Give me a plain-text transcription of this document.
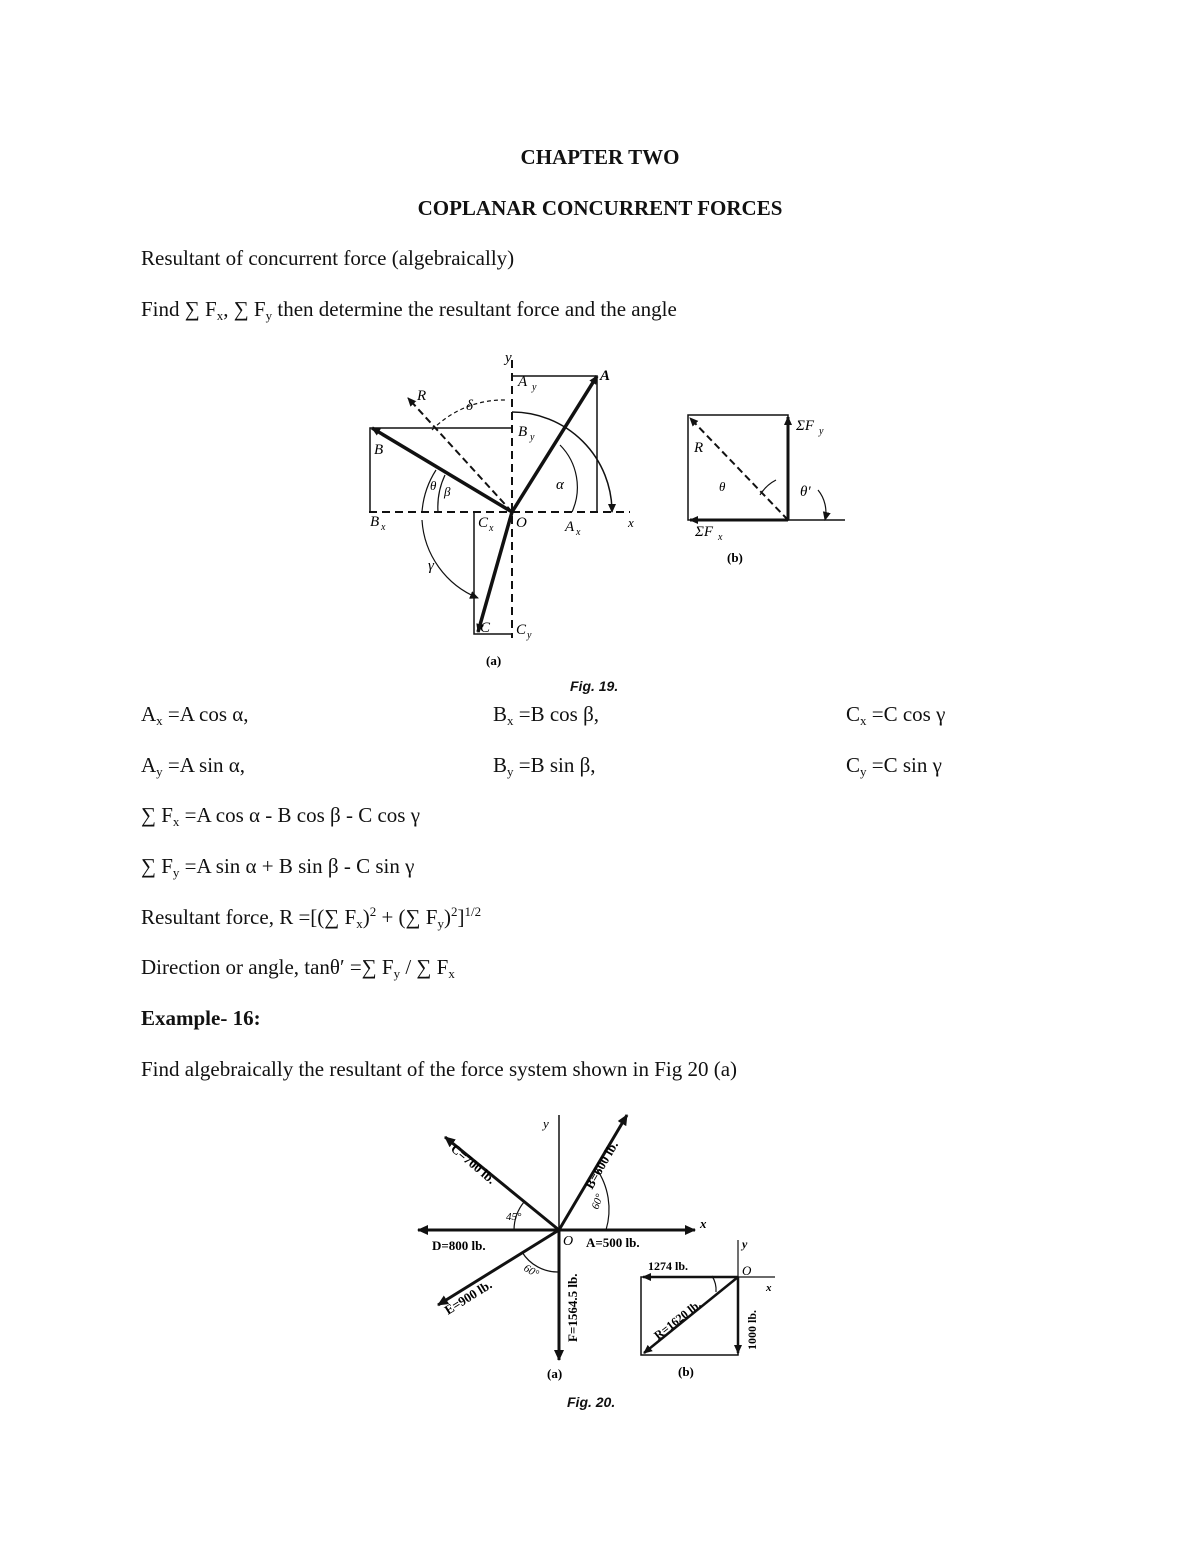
CHAPTER TWO
COPLANAR CONCURRENT FORCES
Resultant of concurrent force (algebraically)
Find ∑ $F_x$, ∑ $F_y$ then determine the resultant force and the angle
y
A
A y
R
δ
B y
B
α
θ β
x
B x	C x O	A x
γ
C C y
(a)
R
ΣF y
θ	θ′
ΣF x
(b)
Fig. 19.
$A_x =A$ cos α,	$B_x =B$ cos β,	$C_x =C$ cos γ
$A_y =A$ sin α,	$B_y =B$ sin β,	$C_y =C$ sin γ
∑ $F_x =A$ cos α - B cos β - C cos γ
∑ $F_y =A$ sin α + B sin β - C sin γ
Resultant force, R =[(∑ $F_x)^2$ + (∑ $F_y)^2]^{1/2}$
Direction or angle, tanθ′ =∑ $F_y$ / ∑ $F_x$
Example- 16:
Find algebraically the resultant of the force system shown in Fig 20 (a)
y
x
O A=500 lb.
D=800 lb.
45°
60°
60°
C=700 lb.	B=600 lb.
E=900 lb.	F=1564.5 lb.
(a)
y
O
x
1274 lb.
R=1620 lb.	1000 lb.
(b)
Fig. 20.
